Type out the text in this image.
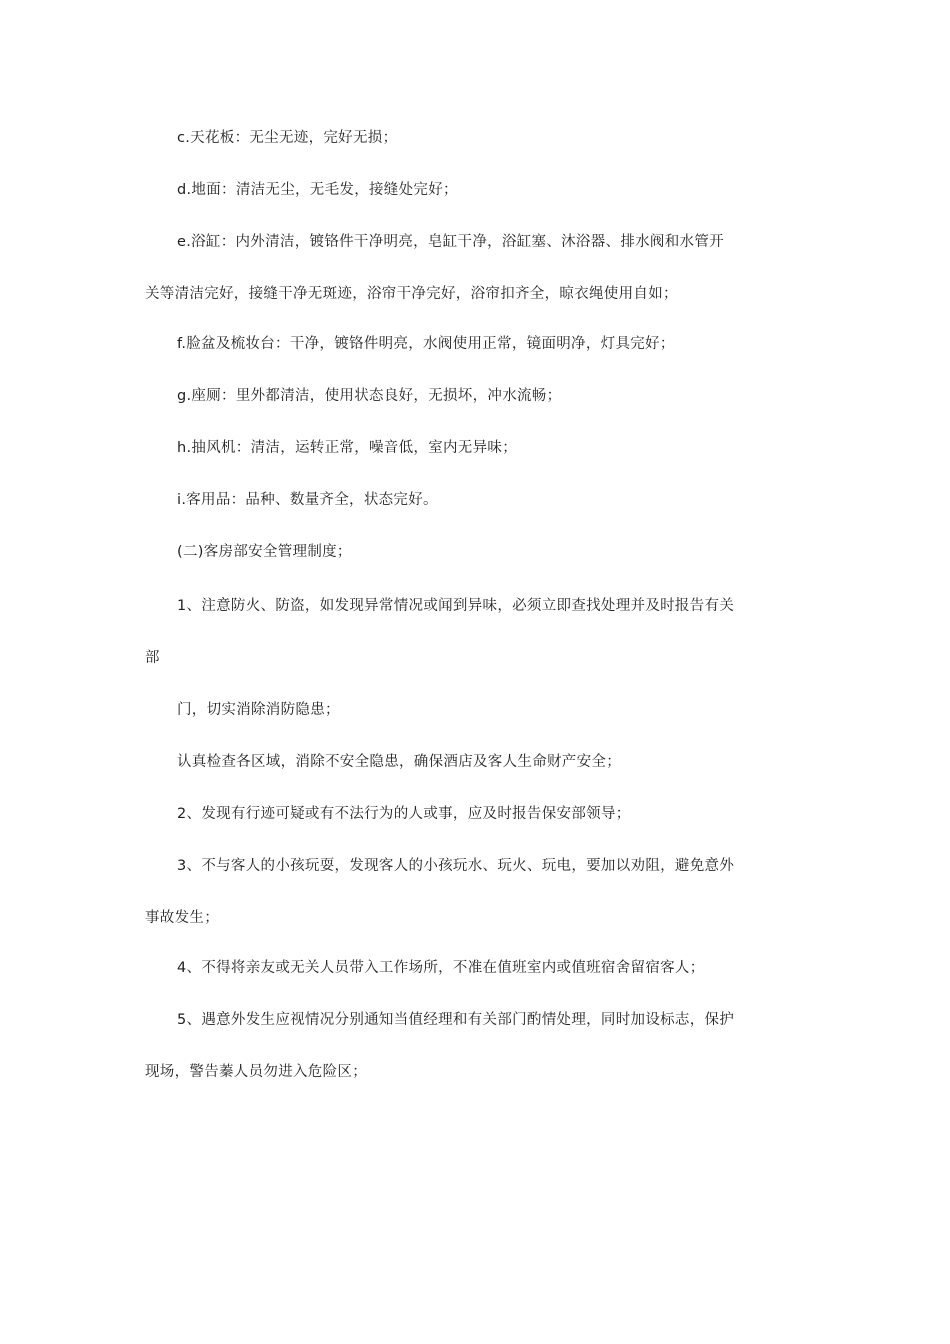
c.天花板：无尘无迹，完好无损；
d.地面：清洁无尘，无毛发，接缝处完好；
e.浴缸：内外清洁，镀铬件干净明亮，皂缸干净，浴缸塞、沐浴器、排水阀和水管开
关等清洁完好，接缝干净无斑迹，浴帘干净完好，浴帘扣齐全，晾衣绳使用自如；
f.脸盆及梳妆台：干净，镀铬件明亮，水阀使用正常，镜面明净，灯具完好；
g.座厕：里外都清洁，使用状态良好，无损坏，冲水流畅；
h.抽风机：清洁，运转正常，噪音低，室内无异味；
i.客用品：品种、数量齐全，状态完好。
(二)客房部安全管理制度；
1、注意防火、防盗，如发现异常情况或闻到异味，必须立即查找处理并及时报告有关
部
门，切实消除消防隐患；
认真检查各区域，消除不安全隐患，确保酒店及客人生命财产安全；
2、发现有行迹可疑或有不法行为的人或事，应及时报告保安部领导；
3、不与客人的小孩玩耍，发现客人的小孩玩水、玩火、玩电，要加以劝阻，避免意外
事故发生；
4、不得将亲友或无关人员带入工作场所，不准在值班室内或值班宿舍留宿客人；
5、遇意外发生应视情况分别通知当值经理和有关部门酌情处理，同时加设标志，保护
现场，警告蓁人员勿进入危险区；
